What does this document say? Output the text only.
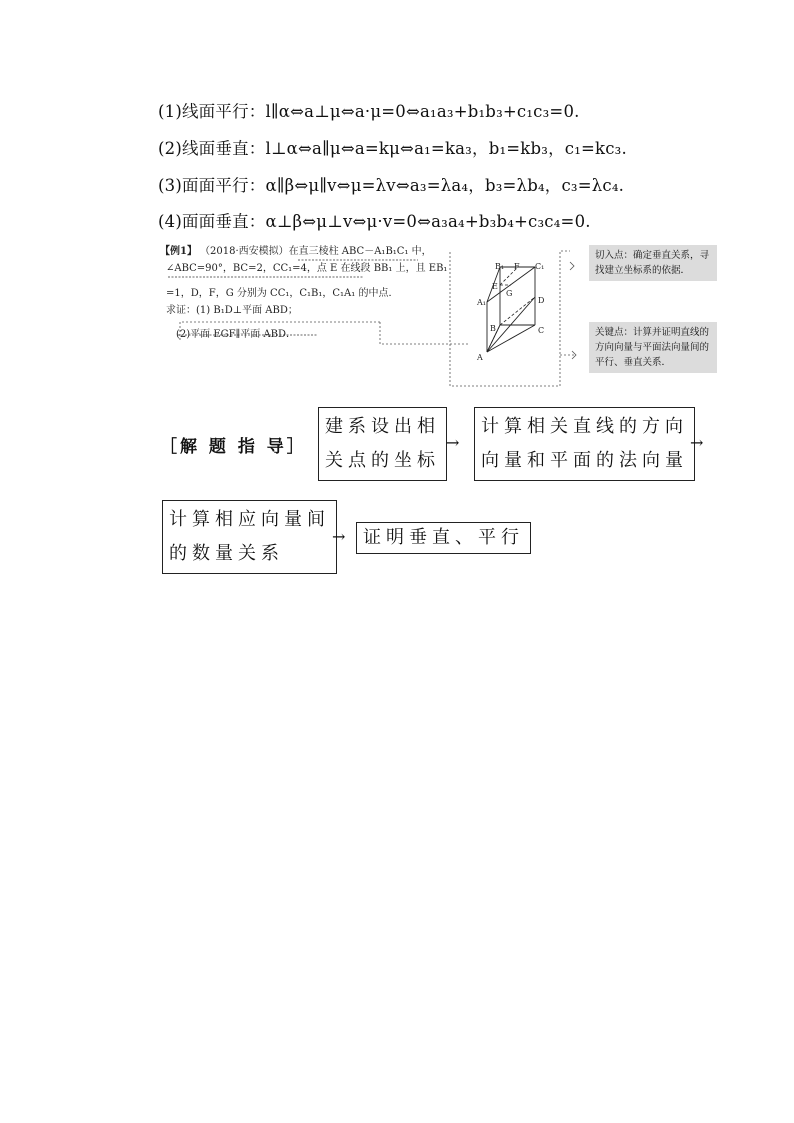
(1)线面平行：l∥α⇔a⊥μ⇔a·μ=0⇔a₁a₃+b₁b₃+c₁c₃=0.
(2)线面垂直：l⊥α⇔a∥μ⇔a=kμ⇔a₁=ka₃，b₁=kb₃，c₁=kc₃.
(3)面面平行：α∥β⇔μ∥v⇔μ=λv⇔a₃=λa₄，b₃=λb₄，c₃=λc₄.
(4)面面垂直：α⊥β⇔μ⊥v⇔μ·v=0⇔a₃a₄+b₃b₄+c₃c₄=0.
【例1】 （2018·西安模拟）在直三棱柱 ABC－A₁B₁C₁ 中，
∠ABC=90°，BC=2，CC₁=4，点 E 在线段 BB₁ 上，且 EB₁
=1，D，F，G 分别为 CC₁，C₁B₁，C₁A₁ 的中点．
求证：(1) B₁D⊥平面 ABD；
(2)平面 EGF∥平面 ABD．
B₁ F C₁
E
G
A₁	D
B	C
A
切入点：确定垂直关系，寻找建立坐标系的依据．
关键点：计算并证明直线的方向向量与平面法向量间的平行、垂直关系．
［解 题 指 导］
建系设出相
关点的坐标
→
计算相关直线的方向
向量和平面的法向量
→
计算相应向量间
的数量关系
→ 证明垂直、平行
